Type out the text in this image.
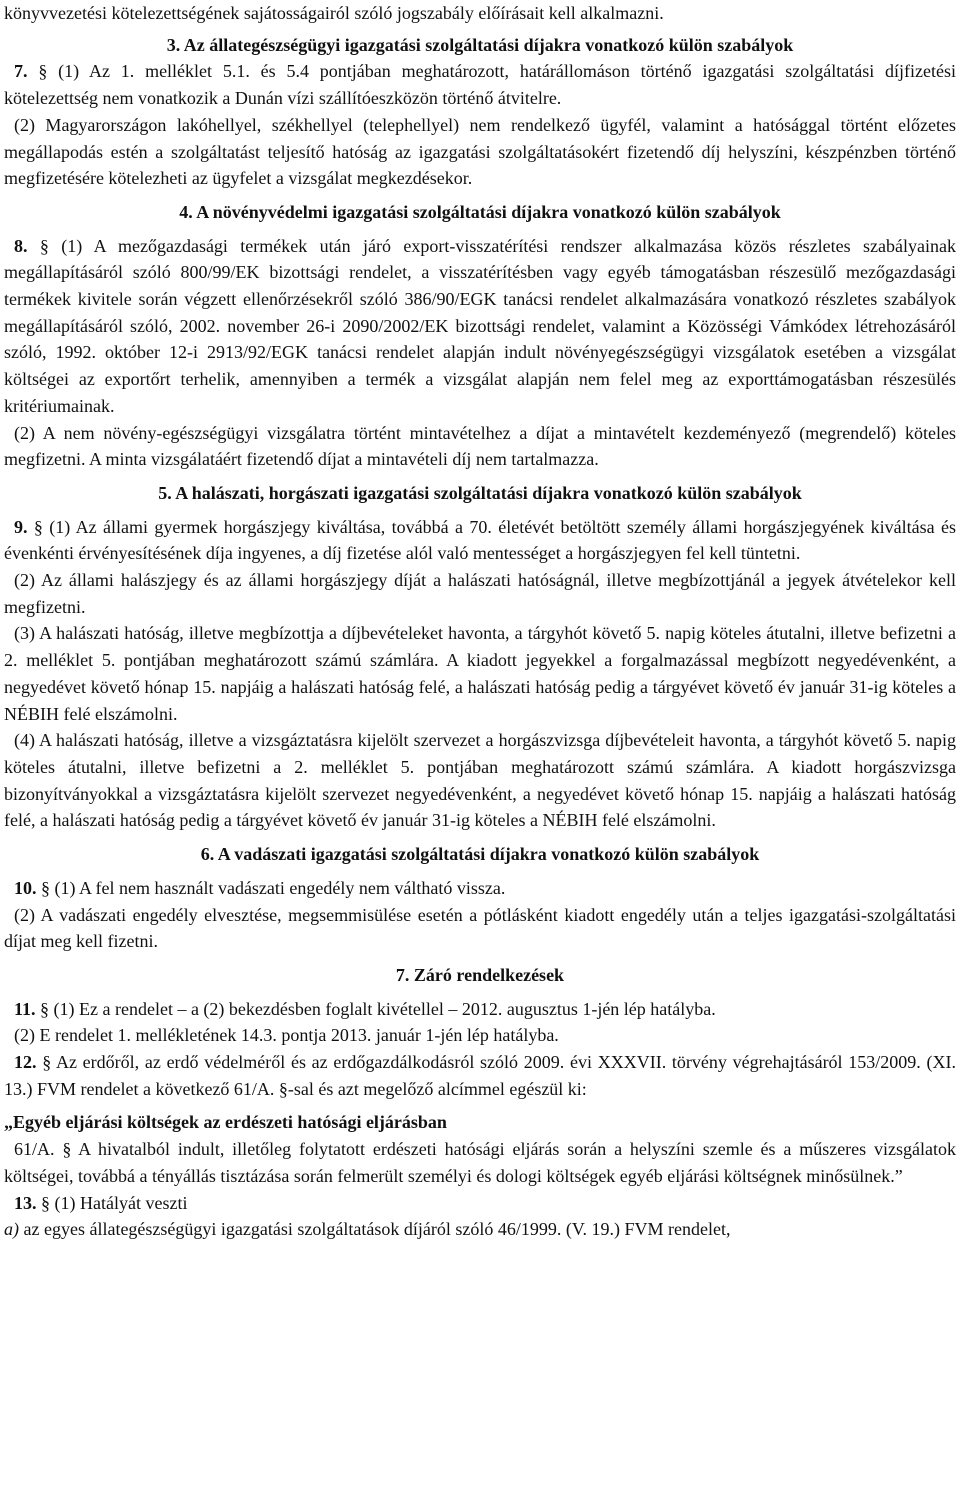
könyvvezetési kötelezettségének sajátosságairól szóló jogszabály előírásait kell alkalmazni.

3. Az állategészségügyi igazgatási szolgáltatási díjakra vonatkozó külön szabályok

7. § (1) Az 1. melléklet 5.1. és 5.4 pontjában meghatározott, határállomáson történő igazgatási szolgáltatási díjfizetési kötelezettség nem vonatkozik a Dunán vízi szállítóeszközön történő átvitelre.

(2) Magyarországon lakóhellyel, székhellyel (telephellyel) nem rendelkező ügyfél, valamint a hatósággal történt előzetes megállapodás estén a szolgáltatást teljesítő hatóság az igazgatási szolgáltatásokért fizetendő díj helyszíni, készpénzben történő megfizetésére kötelezheti az ügyfelet a vizsgálat megkezdésekor.

4. A növényvédelmi igazgatási szolgáltatási díjakra vonatkozó külön szabályok

8. § (1) A mezőgazdasági termékek után járó export-visszatérítési rendszer alkalmazása közös részletes szabályainak megállapításáról szóló 800/99/EK bizottsági rendelet, a visszatérítésben vagy egyéb támogatásban részesülő mezőgazdasági termékek kivitele során végzett ellenőrzésekről szóló 386/90/EGK tanácsi rendelet alkalmazására vonatkozó részletes szabályok megállapításáról szóló, 2002. november 26-i 2090/2002/EK bizottsági rendelet, valamint a Közösségi Vámkódex létrehozásáról szóló, 1992. október 12-i 2913/92/EGK tanácsi rendelet alapján indult növényegészségügyi vizsgálatok esetében a vizsgálat költségei az exportőrt terhelik, amennyiben a termék a vizsgálat alapján nem felel meg az exporttámogatásban részesülés kritériumainak.

(2) A nem növény-egészségügyi vizsgálatra történt mintavételhez a díjat a mintavételt kezdeményező (megrendelő) köteles megfizetni. A minta vizsgálatáért fizetendő díjat a mintavételi díj nem tartalmazza.

5. A halászati, horgászati igazgatási szolgáltatási díjakra vonatkozó külön szabályok

9. § (1) Az állami gyermek horgászjegy kiváltása, továbbá a 70. életévét betöltött személy állami horgászjegyének kiváltása és évenkénti érvényesítésének díja ingyenes, a díj fizetése alól való mentességet a horgászjegyen fel kell tüntetni.

(2) Az állami halászjegy és az állami horgászjegy díját a halászati hatóságnál, illetve megbízottjánál a jegyek átvételekor kell megfizetni.

(3) A halászati hatóság, illetve megbízottja a díjbevételeket havonta, a tárgyhót követő 5. napig köteles átutalni, illetve befizetni a 2. melléklet 5. pontjában meghatározott számú számlára. A kiadott jegyekkel a forgalmazással megbízott negyedévenként, a negyedévet követő hónap 15. napjáig a halászati hatóság felé, a halászati hatóság pedig a tárgyévet követő év január 31-ig köteles a NÉBIH felé elszámolni.

(4) A halászati hatóság, illetve a vizsgáztatásra kijelölt szervezet a horgászvizsga díjbevételeit havonta, a tárgyhót követő 5. napig köteles átutalni, illetve befizetni a 2. melléklet 5. pontjában meghatározott számú számlára. A kiadott horgászvizsga bizonyítványokkal a vizsgáztatásra kijelölt szervezet negyedévenként, a negyedévet követő hónap 15. napjáig a halászati hatóság felé, a halászati hatóság pedig a tárgyévet követő év január 31-ig köteles a NÉBIH felé elszámolni.

6. A vadászati igazgatási szolgáltatási díjakra vonatkozó külön szabályok

10. § (1) A fel nem használt vadászati engedély nem váltható vissza.

(2) A vadászati engedély elvesztése, megsemmisülése esetén a pótlásként kiadott engedély után a teljes igazgatási-szolgáltatási díjat meg kell fizetni.

7. Záró rendelkezések

11. § (1) Ez a rendelet – a (2) bekezdésben foglalt kivétellel – 2012. augusztus 1-jén lép hatályba.

(2) E rendelet 1. mellékletének 14.3. pontja 2013. január 1-jén lép hatályba.

12. § Az erdőről, az erdő védelméről és az erdőgazdálkodásról szóló 2009. évi XXXVII. törvény végrehajtásáról 153/2009. (XI. 13.) FVM rendelet a következő 61/A. §-sal és azt megelőző alcímmel egészül ki:

„Egyéb eljárási költségek az erdészeti hatósági eljárásban

61/A. § A hivatalból indult, illetőleg folytatott erdészeti hatósági eljárás során a helyszíni szemle és a műszeres vizsgálatok költségei, továbbá a tényállás tisztázása során felmerült személyi és dologi költségek egyéb eljárási költségnek minősülnek.”

13. § (1) Hatályát veszti

a) az egyes állategészségügyi igazgatási szolgáltatások díjáról szóló 46/1999. (V. 19.) FVM rendelet,
